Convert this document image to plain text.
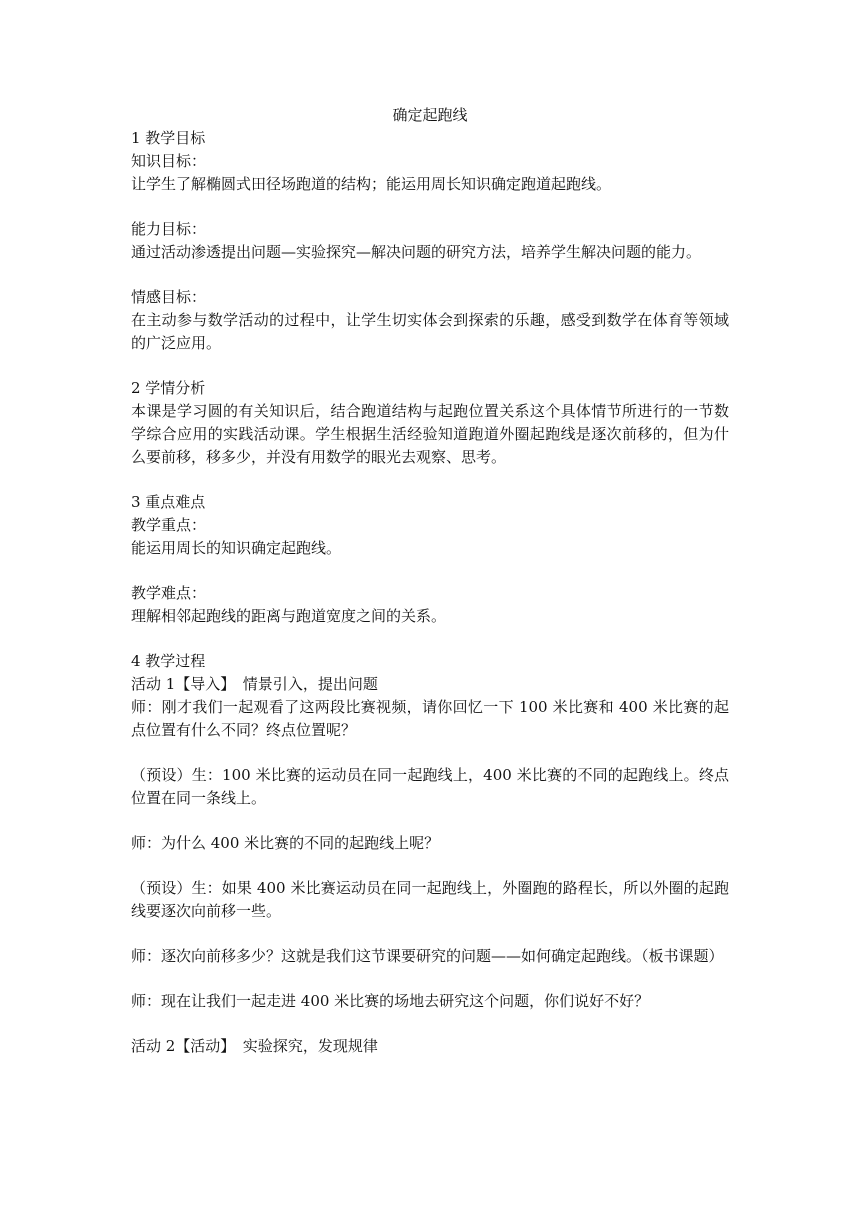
确定起跑线

1 教学目标

知识目标：

让学生了解椭圆式田径场跑道的结构；能运用周长知识确定跑道起跑线。

能力目标：

通过活动渗透提出问题—实验探究—解决问题的研究方法，培养学生解决问题的能力。

情感目标：

在主动参与数学活动的过程中，让学生切实体会到探索的乐趣，感受到数学在体育等领域的广泛应用。

2 学情分析

本课是学习圆的有关知识后，结合跑道结构与起跑位置关系这个具体情节所进行的一节数学综合应用的实践活动课。学生根据生活经验知道跑道外圈起跑线是逐次前移的，但为什么要前移，移多少，并没有用数学的眼光去观察、思考。

3 重点难点

教学重点：

能运用周长的知识确定起跑线。

教学难点：

理解相邻起跑线的距离与跑道宽度之间的关系。

4 教学过程

活动 1【导入】　情景引入，提出问题

师：刚才我们一起观看了这两段比赛视频，请你回忆一下 100 米比赛和 400 米比赛的起点位置有什么不同？终点位置呢？

（预设）生：100 米比赛的运动员在同一起跑线上，400 米比赛的不同的起跑线上。终点位置在同一条线上。

师：为什么 400 米比赛的不同的起跑线上呢？

（预设）生：如果 400 米比赛运动员在同一起跑线上，外圈跑的路程长，所以外圈的起跑线要逐次向前移一些。

师：逐次向前移多少？这就是我们这节课要研究的问题——如何确定起跑线。（板书课题）

师：现在让我们一起走进 400 米比赛的场地去研究这个问题，你们说好不好？

活动 2【活动】　实验探究，发现规律
